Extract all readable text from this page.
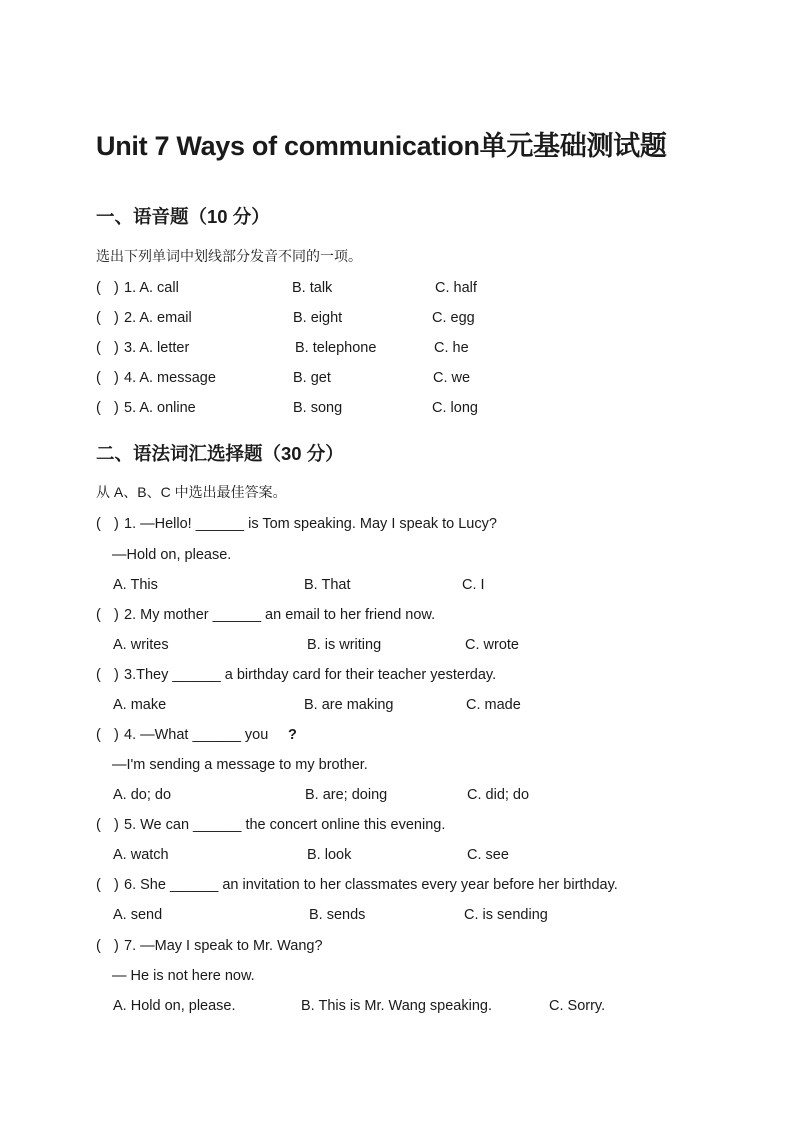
Unit 7 Ways of communication单元基础测试题
一、语音题（10 分）
选出下列单词中划线部分发音不同的一项。
( ) 1. A. call	B. talk	C. half
( ) 2. A. email	B. eight	C. egg
( ) 3. A. letter	B. telephone	C. he
( ) 4. A. message	B. get	C. we
( ) 5. A. online	B. song	C. long
二、语法词汇选择题（30 分）
从 A、B、C 中选出最佳答案。
( ) 1. —Hello! ______ is Tom speaking. May I speak to Lucy?
—Hold on, please.
A. This	B. That	C. I
( ) 2. My mother ______ an email to her friend now.
A. writes	B. is writing	C. wrote
( ) 3.They ______ a birthday card for their teacher yesterday.
A. make	B. are making	C. made
( ) 4. —What ______ you ?
—I'm sending a message to my brother.
A. do; do	B. are; doing	C. did; do
( ) 5. We can ______ the concert online this evening.
A. watch	B. look	C. see
( ) 6. She ______ an invitation to her classmates every year before her birthday.
A. send	B. sends	C. is sending
( ) 7. —May I speak to Mr. Wang?
— He is not here now.
A. Hold on, please.	B. This is Mr. Wang speaking.	C. Sorry.
